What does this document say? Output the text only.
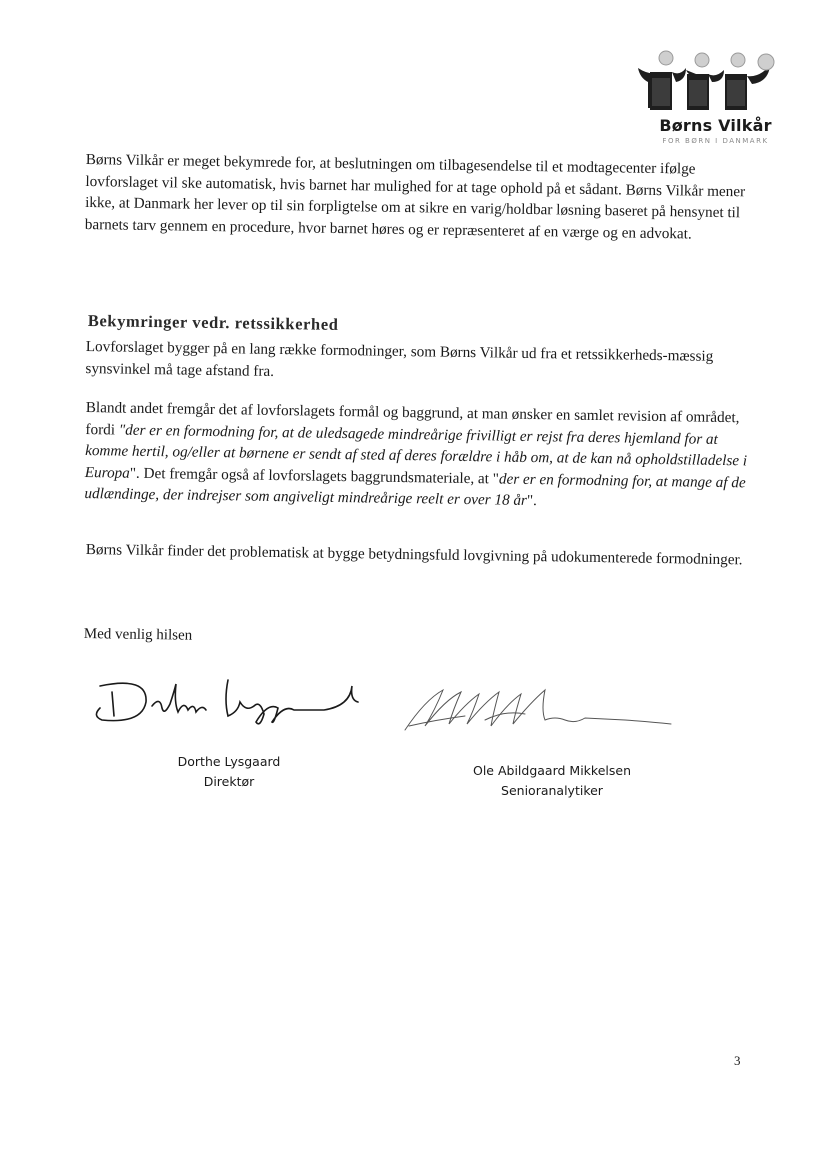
Børns Vilkår
FOR BØRN I DANMARK

Børns Vilkår er meget bekymrede for, at beslutningen om tilbagesendelse til et modtagecenter ifølge lovforslaget vil ske automatisk, hvis barnet har mulighed for at tage ophold på et sådant. Børns Vilkår mener ikke, at Danmark her lever op til sin forpligtelse om at sikre en varig/holdbar løsning baseret på hensynet til barnets tarv gennem en procedure, hvor barnet høres og er repræsenteret af en værge og en advokat.

Bekymringer vedr. retssikkerhed

Lovforslaget bygger på en lang række formodninger, som Børns Vilkår ud fra et retssikkerheds-mæssig synsvinkel må tage afstand fra.

Blandt andet fremgår det af lovforslagets formål og baggrund, at man ønsker en samlet revision af området, fordi "der er en formodning for, at de uledsagede mindreårige frivilligt er rejst fra deres hjemland for at komme hertil, og/eller at børnene er sendt af sted af deres forældre i håb om, at de kan nå opholdstilladelse i Europa". Det fremgår også af lovforslagets baggrundsmateriale, at "der er en formodning for, at mange af de udlændinge, der indrejser som angiveligt mindreårige reelt er over 18 år".

Børns Vilkår finder det problematisk at bygge betydningsfuld lovgivning på udokumenterede formodninger.

Med venlig hilsen

Dorthe Lysgaard
Direktør
Ole Abildgaard Mikkelsen
Senioranalytiker
3
